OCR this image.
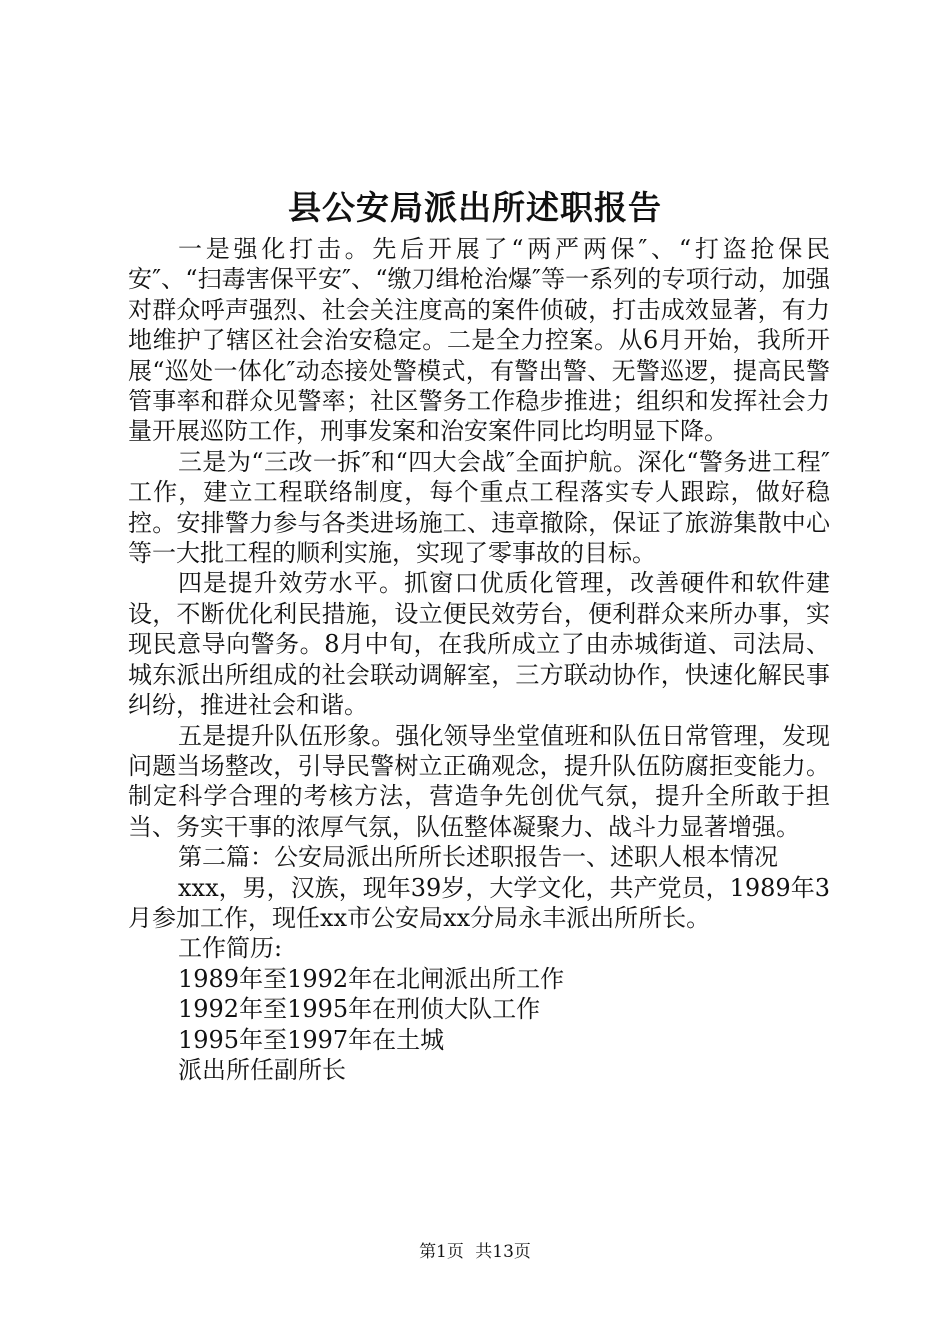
县公安局派出所述职报告

一是强化打击。先后开展了“两严两保″、“打盗抢保民安″、“扫毒害保平安″、“缴刀缉枪治爆″等一系列的专项行动，加强对群众呼声强烈、社会关注度高的案件侦破，打击成效显著，有力地维护了辖区社会治安稳定。二是全力控案。从6月开始，我所开展“巡处一体化″动态接处警模式，有警出警、无警巡逻，提高民警管事率和群众见警率；社区警务工作稳步推进；组织和发挥社会力量开展巡防工作，刑事发案和治安案件同比均明显下降。

三是为“三改一拆″和“四大会战″全面护航。深化“警务进工程″工作，建立工程联络制度，每个重点工程落实专人跟踪，做好稳控。安排警力参与各类进场施工、违章撤除，保证了旅游集散中心等一大批工程的顺利实施，实现了零事故的目标。

四是提升效劳水平。抓窗口优质化管理，改善硬件和软件建设，不断优化利民措施，设立便民效劳台，便利群众来所办事，实现民意导向警务。8月中旬，在我所成立了由赤城街道、司法局、城东派出所组成的社会联动调解室，三方联动协作，快速化解民事纠纷，推进社会和谐。

五是提升队伍形象。强化领导坐堂值班和队伍日常管理，发现问题当场整改，引导民警树立正确观念，提升队伍防腐拒变能力。制定科学合理的考核方法，营造争先创优气氛，提升全所敢于担当、务实干事的浓厚气氛，队伍整体凝聚力、战斗力显著增强。

第二篇：公安局派出所所长述职报告一、述职人根本情况

xxx，男，汉族，现年39岁，大学文化，共产党员，1989年3月参加工作，现任xx市公安局xx分局永丰派出所所长。

工作简历:

1989年至1992年在北闸派出所工作

1992年至1995年在刑侦大队工作

1995年至1997年在土城

派出所任副所长

第1页 共13页
